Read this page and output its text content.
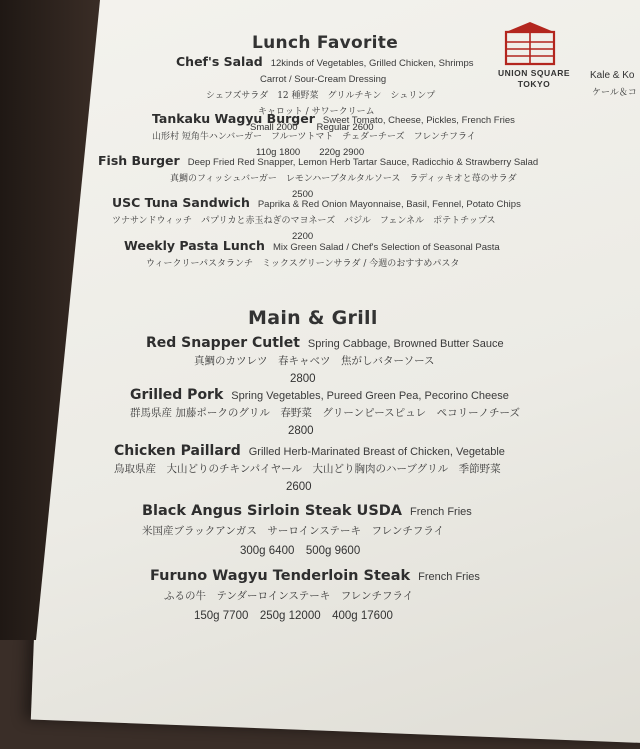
UNION SQUARE
TOKYO
Kale & Ko
ケール＆コ
Lunch Favorite
Chef's Salad 12kinds of Vegetables, Grilled Chicken, Shrimps
Carrot / Sour-Cream Dressing
シェフズサラダ　12 種野菜　グリルチキン　シュリンプ
キャロット / サワークリーム
Small 2000　　Regular 2600
Tankaku Wagyu Burger Sweet Tomato, Cheese, Pickles, French Fries
山形村 短角牛ハンバーガー　フルーツトマト　チェダーチーズ　フレンチフライ
110g 1800　　220g 2900
Fish Burger Deep Fried Red Snapper, Lemon Herb Tartar Sauce, Radicchio & Strawberry Salad
真鯛のフィッシュバーガー　レモンハーブタルタルソース　ラディッキオと苺のサラダ
2500
USC Tuna Sandwich Paprika & Red Onion Mayonnaise, Basil, Fennel, Potato Chips
ツナサンドウィッチ　パプリカと赤玉ねぎのマヨネーズ　バジル　フェンネル　ポテトチップス
2200
Weekly Pasta Lunch Mix Green Salad / Chef's Selection of Seasonal Pasta
ウィークリーパスタランチ　ミックスグリーンサラダ / 今週のおすすめパスタ
Main & Grill
Red Snapper Cutlet Spring Cabbage, Browned Butter Sauce
真鯛のカツレツ　春キャベツ　焦がしバターソース
2800
Grilled Pork Spring Vegetables, Pureed Green Pea, Pecorino Cheese
群馬県産 加藤ポークのグリル　春野菜　グリーンピースピュレ　ペコリーノチーズ
2800
Chicken Paillard Grilled Herb-Marinated Breast of Chicken, Vegetable
鳥取県産　大山どりのチキンパイヤール　大山どり胸肉のハーブグリル　季節野菜
2600
Black Angus Sirloin Steak USDA French Fries
米国産ブラックアンガス　サーロインステーキ　フレンチフライ
300g 6400　500g 9600
Furuno Wagyu Tenderloin Steak French Fries
ふるの牛　テンダーロインステーキ　フレンチフライ
150g 7700　250g 12000　400g 17600
